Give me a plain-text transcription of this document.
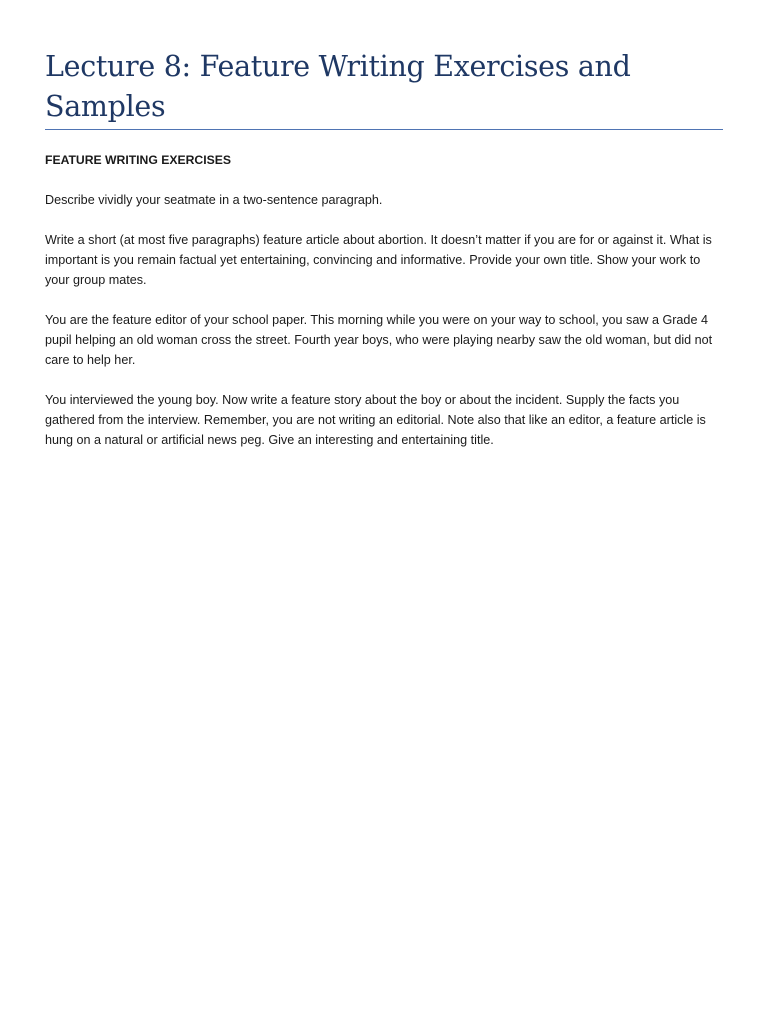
Lecture 8: Feature Writing Exercises and Samples

FEATURE WRITING EXERCISES

Describe vividly your seatmate in a two-sentence paragraph.

Write a short (at most five paragraphs) feature article about abortion. It doesn’t matter if you are for or against it. What is important is you remain factual yet entertaining, convincing and informative. Provide your own title. Show your work to your group mates.

You are the feature editor of your school paper. This morning while you were on your way to school, you saw a Grade 4 pupil helping an old woman cross the street. Fourth year boys, who were playing nearby saw the old woman, but did not care to help her.

You interviewed the young boy. Now write a feature story about the boy or about the incident. Supply the facts you gathered from the interview. Remember, you are not writing an editorial. Note also that like an editor, a feature article is hung on a natural or artificial news peg. Give an interesting and entertaining title.
